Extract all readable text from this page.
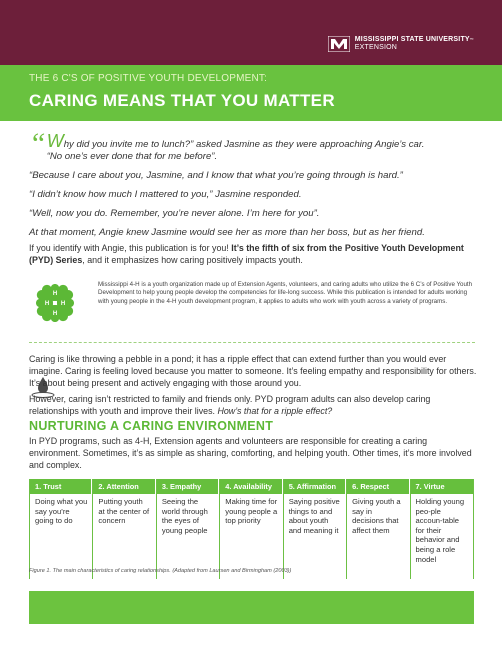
MISSISSIPPI STATE UNIVERSITY™
EXTENSION
THE 6 C'S OF POSITIVE YOUTH DEVELOPMENT:
CARING MEANS THAT YOU MATTER

“ Why did you invite me to lunch?” asked Jasmine as they were approaching Angie’s car.
“No one’s ever done that for me before”.

“Because I care about you, Jasmine, and I know that what you’re going through is hard.”

“I didn’t know how much I mattered to you,” Jasmine responded.

“Well, now you do. Remember, you’re never alone. I’m here for you”.

At that moment, Angie knew Jasmine would see her as more than her boss, but as her friend.

If you identify with Angie, this publication is for you! It’s the fifth of six from the Positive Youth Development (PYD) Series, and it emphasizes how caring positively impacts youth.
H
H
H
H
Mississippi 4-H is a youth organization made up of Extension Agents, volunteers, and caring adults who utilize the 6 C’s of Positive Youth Development to help young people develop the competencies for life-long success. While this publication is intended for adults working with young people in the 4-H youth development program, it applies to adults who work with youth across a variety of programs.

Caring is like throwing a pebble in a pond; it has a ripple effect that can extend further than you would ever imagine. Caring is feeling loved because you matter to someone. It’s feeling empathy and responsibility for others. It’s about being present and actively engaging with those around you.

However, caring isn’t restricted to family and friends only. PYD program adults can also develop caring relationships with youth and improve their lives. How’s that for a ripple effect?

NURTURING A CARING ENVIRONMENT
In PYD programs, such as 4-H, Extension agents and volunteers are responsible for creating a caring environment. Sometimes, it’s as simple as sharing, comforting, and helping youth. Other times, it’s more involved and complex.
1. Trust
Doing what you say you’re going to do
2. Attention
Putting youth at the center of concern
3. Empathy
Seeing the world through the eyes of young people
4. Availability
Making time for young people a top priority
5. Affirmation
Saying positive things to and about youth and meaning it
6. Respect
Giving youth a say in decisions that affect them
7. Virtue
Holding young peo-ple accoun-table for their behavior and being a role model
Figure 1. The main characteristics of caring relationships. (Adapted from Laursen and Birmingham (2003))
